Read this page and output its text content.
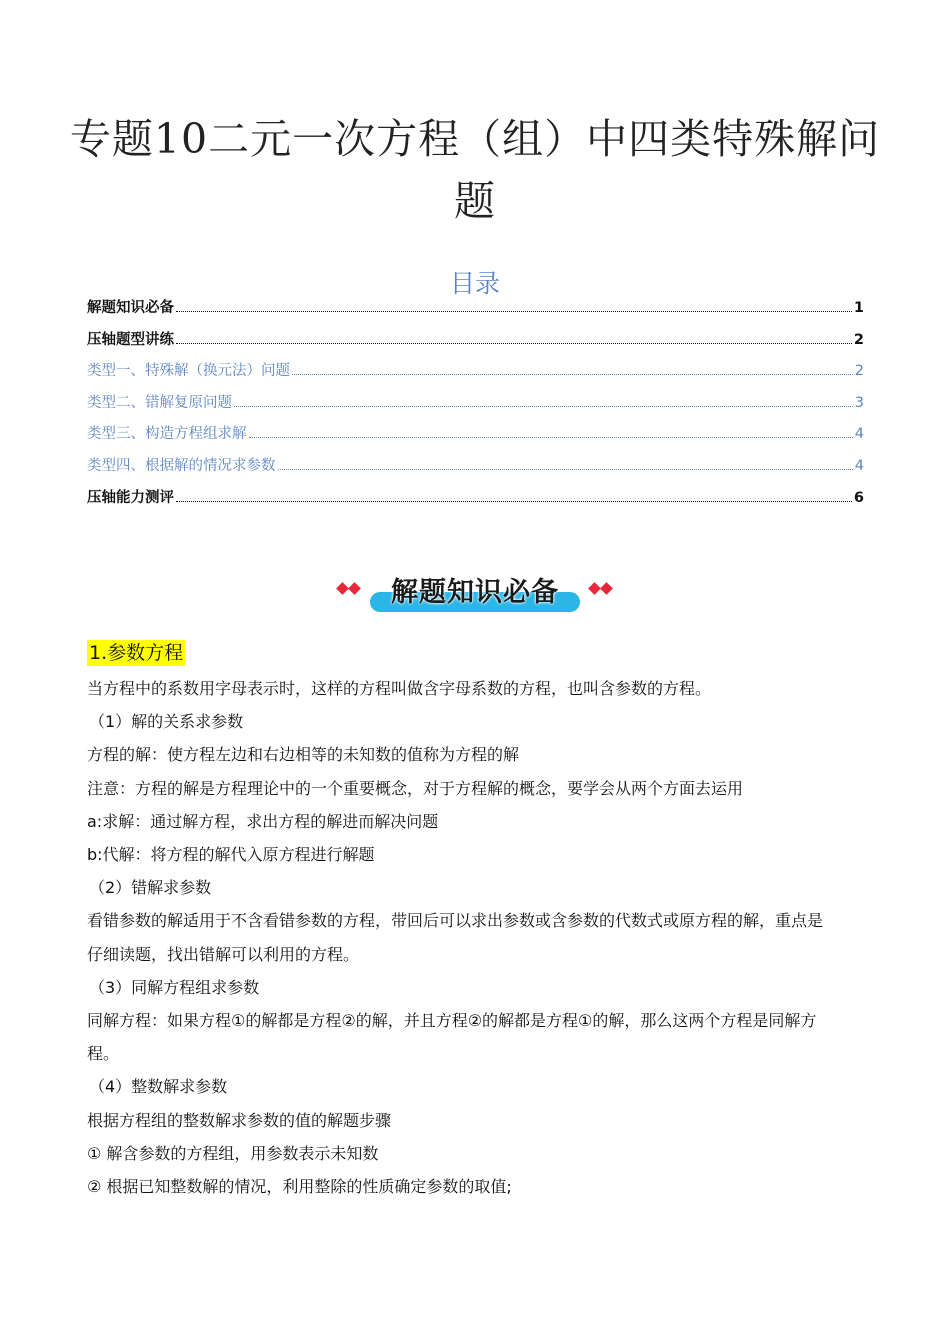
专题10二元一次方程（组）中四类特殊解问
题
目录
解题知识必备	1
压轴题型讲练	2
类型一、特殊解（换元法）问题	2
类型二、错解复原问题	3
类型三、构造方程组求解	4
类型四、根据解的情况求参数	4
压轴能力测评	6
解题知识必备
1.参数方程

当方程中的系数用字母表示时，这样的方程叫做含字母系数的方程，也叫含参数的方程。

（1）解的关系求参数

方程的解：使方程左边和右边相等的未知数的值称为方程的解

注意：方程的解是方程理论中的一个重要概念，对于方程解的概念，要学会从两个方面去运用

a:求解：通过解方程，求出方程的解进而解决问题

b:代解：将方程的解代入原方程进行解题

（2）错解求参数

看错参数的解适用于不含看错参数的方程，带回后可以求出参数或含参数的代数式或原方程的解，重点是

仔细读题，找出错解可以利用的方程。

（3）同解方程组求参数

同解方程：如果方程①的解都是方程②的解，并且方程②的解都是方程①的解，那么这两个方程是同解方

程。

（4）整数解求参数

根据方程组的整数解求参数的值的解题步骤

① 解含参数的方程组，用参数表示未知数

② 根据已知整数解的情况，利用整除的性质确定参数的取值;
